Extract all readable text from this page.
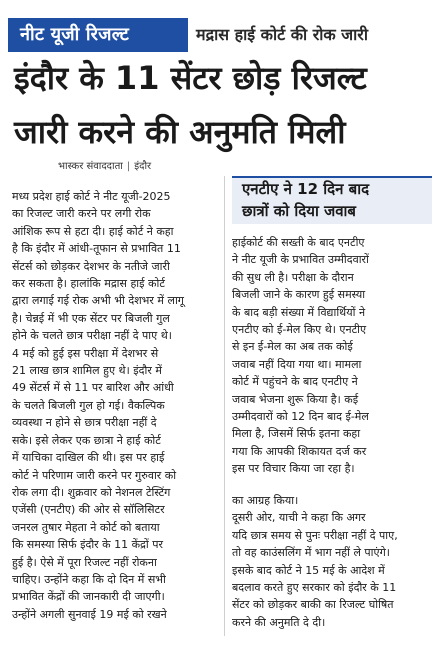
नीट यूजी रिजल्ट	मद्रास हाई कोर्ट की रोक जारी
इंदौर के 11 सेंटर छोड़ रिजल्ट
जारी करने की अनुमति मिली
भास्कर संवाददाता | इंदौर
मध्य प्रदेश हाई कोर्ट ने नीट यूजी-2025
का रिजल्ट जारी करने पर लगी रोक
आंशिक रूप से हटा दी। हाई कोर्ट ने कहा
है कि इंदौर में आंधी-तूफान से प्रभावित 11
सेंटर्स को छोड़कर देशभर के नतीजे जारी
कर सकता है। हालांकि मद्रास हाई कोर्ट
द्वारा लगाई गई रोक अभी भी देशभर में लागू
है। चेन्नई में भी एक सेंटर पर बिजली गुल
होने के चलते छात्र परीक्षा नहीं दे पाए थे।
4 मई को हुई इस परीक्षा में देशभर से
21 लाख छात्र शामिल हुए थे। इंदौर में
49 सेंटर्स में से 11 पर बारिश और आंधी
के चलते बिजली गुल हो गई। वैकल्पिक
व्यवस्था न होने से छात्र परीक्षा नहीं दे
सके। इसे लेकर एक छात्रा ने हाई कोर्ट
में याचिका दाखिल की थी। इस पर हाई
कोर्ट ने परिणाम जारी करने पर गुरुवार को
रोक लगा दी। शुक्रवार को नेशनल टेस्टिंग
एजेंसी (एनटीए) की ओर से सॉलिसिटर
जनरल तुषार मेहता ने कोर्ट को बताया
कि समस्या सिर्फ इंदौर के 11 केंद्रों पर
हुई है। ऐसे में पूरा रिजल्ट नहीं रोकना
चाहिए। उन्होंने कहा कि दो दिन में सभी
प्रभावित केंद्रों की जानकारी दी जाएगी।
उन्होंने अगली सुनवाई 19 मई को रखने
एनटीए ने 12 दिन बाद
छात्रों को दिया जवाब
हाईकोर्ट की सख्ती के बाद एनटीए
ने नीट यूजी के प्रभावित उम्मीदवारों
की सुध ली है। परीक्षा के दौरान
बिजली जाने के कारण हुई समस्या
के बाद बड़ी संख्या में विद्यार्थियों ने
एनटीए को ई-मेल किए थे। एनटीए
से इन ई-मेल का अब तक कोई
जवाब नहीं दिया गया था। मामला
कोर्ट में पहुंचने के बाद एनटीए ने
जवाब भेजना शुरू किया है। कई
उम्मीदवारों को 12 दिन बाद ई-मेल
मिला है, जिसमें सिर्फ इतना कहा
गया कि आपकी शिकायत दर्ज कर
इस पर विचार किया जा रहा है।
का आग्रह किया।
दूसरी ओर, याची ने कहा कि अगर
यदि छात्र समय से पुनः परीक्षा नहीं दे पाए,
तो वह काउंसलिंग में भाग नहीं ले पाएंगे।
इसके बाद कोर्ट ने 15 मई के आदेश में
बदलाव करते हुए सरकार को इंदौर के 11
सेंटर को छोड़कर बाकी का रिजल्ट घोषित
करने की अनुमति दे दी।
